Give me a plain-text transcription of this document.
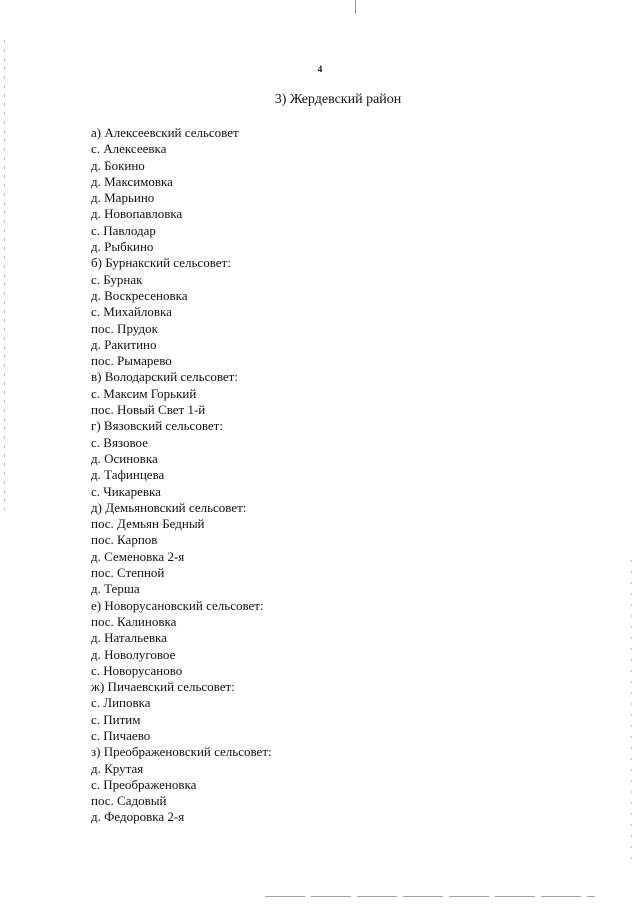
4
3) Жердевский район
а) Алексеевский сельсовет
с. Алексеевка
д. Бокино
д. Максимовка
д. Марьино
д. Новопавловка
с. Павлодар
д. Рыбкино
б) Бурнакский сельсовет:
с. Бурнак
д. Воскресеновка
с. Михайловка
пос. Прудок
д. Ракитино
пос. Рымарево
в) Володарский сельсовет:
с. Максим Горький
пос. Новый Свет 1-й
г) Вязовский сельсовет:
с. Вязовое
д. Осиновка
д. Тафинцева
с. Чикаревка
д) Демьяновский сельсовет:
пос. Демьян Бедный
пос. Карпов
д. Семеновка 2-я
пос. Степной
д. Терша
е) Новорусановский сельсовет:
пос. Калиновка
д. Натальевка
д. Новолуговое
с. Новорусаново
ж) Пичаевский сельсовет:
с. Липовка
с. Питим
с. Пичаево
з) Преображеновский сельсовет:
д. Крутая
с. Преображеновка
пос. Садовый
д. Федоровка 2-я
